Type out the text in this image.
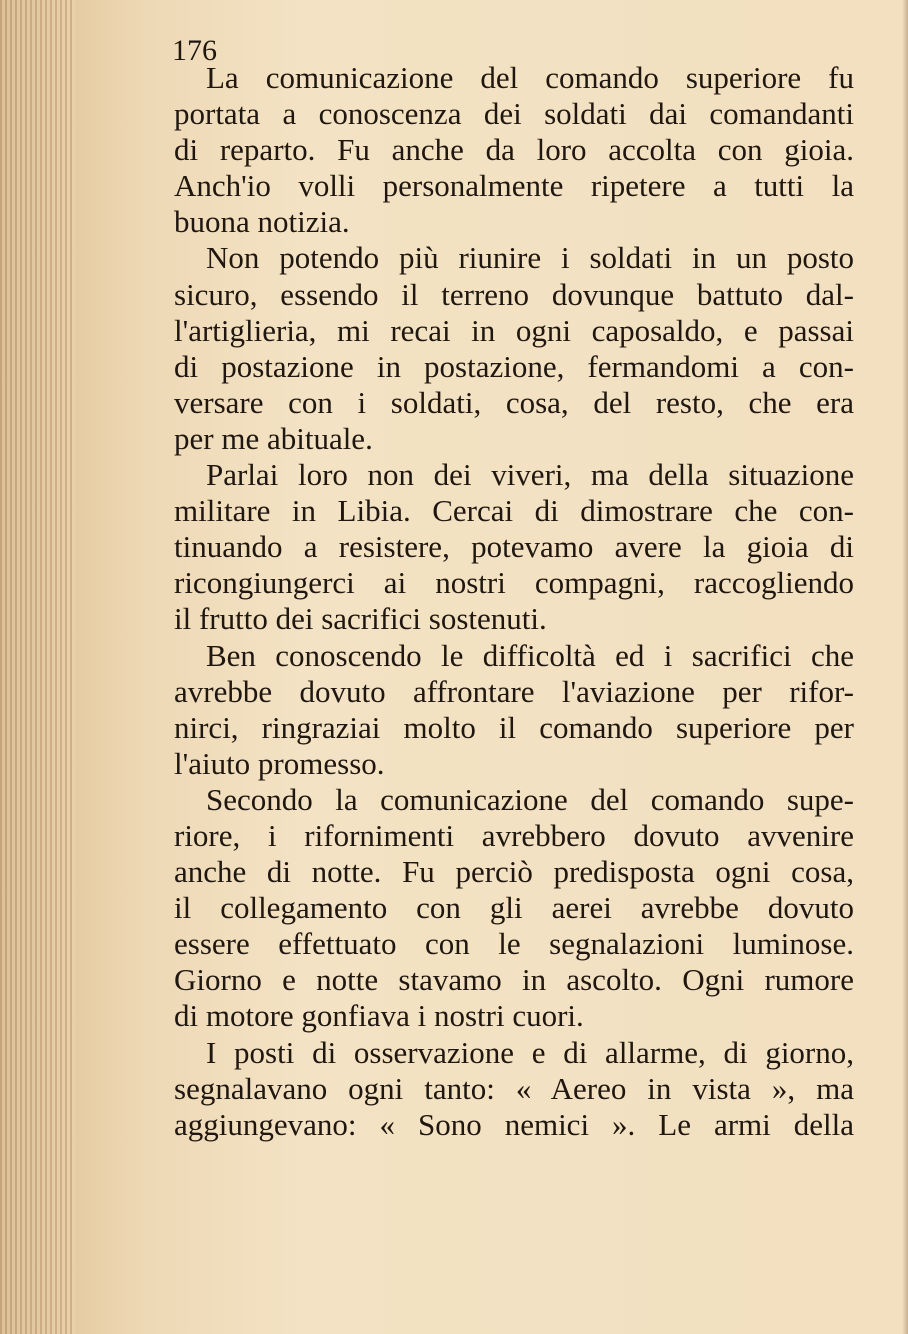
176
La comunicazione del comando superiore fu
portata a conoscenza dei soldati dai comandanti
di reparto. Fu anche da loro accolta con gioia.
Anch'io volli personalmente ripetere a tutti la
buona notizia.
Non potendo più riunire i soldati in un posto
sicuro, essendo il terreno dovunque battuto dal-
l'artiglieria, mi recai in ogni caposaldo, e passai
di postazione in postazione, fermandomi a con-
versare con i soldati, cosa, del resto, che era
per me abituale.
Parlai loro non dei viveri, ma della situazione
militare in Libia. Cercai di dimostrare che con-
tinuando a resistere, potevamo avere la gioia di
ricongiungerci ai nostri compagni, raccogliendo
il frutto dei sacrifici sostenuti.
Ben conoscendo le difficoltà ed i sacrifici che
avrebbe dovuto affrontare l'aviazione per rifor-
nirci, ringraziai molto il comando superiore per
l'aiuto promesso.
Secondo la comunicazione del comando supe-
riore, i rifornimenti avrebbero dovuto avvenire
anche di notte. Fu perciò predisposta ogni cosa,
il collegamento con gli aerei avrebbe dovuto
essere effettuato con le segnalazioni luminose.
Giorno e notte stavamo in ascolto. Ogni rumore
di motore gonfiava i nostri cuori.
I posti di osservazione e di allarme, di giorno,
segnalavano ogni tanto: « Aereo in vista », ma
aggiungevano: « Sono nemici ». Le armi della
